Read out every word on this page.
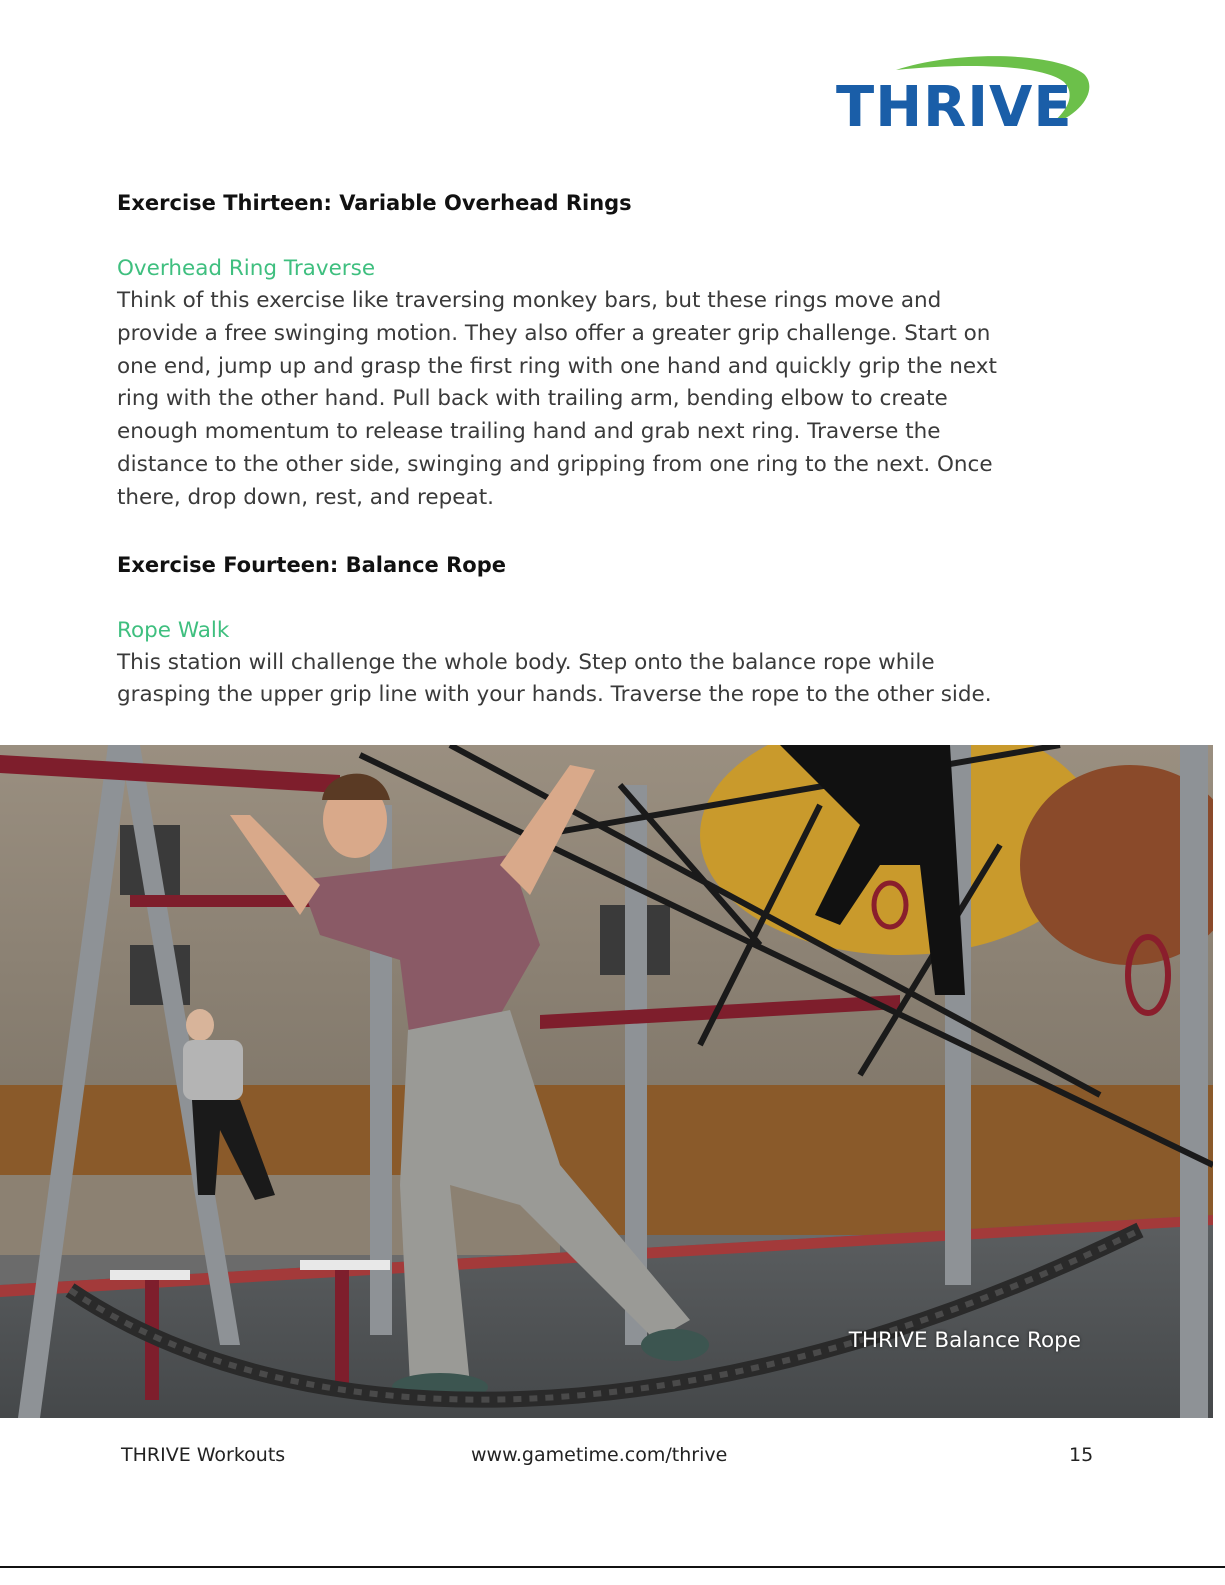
THRIVE

Exercise Thirteen: Variable Overhead Rings

Overhead Ring Traverse

Think of this exercise like traversing monkey bars, but these rings move and
provide a free swinging motion. They also offer a greater grip challenge. Start on
one end, jump up and grasp the first ring with one hand and quickly grip the next
ring with the other hand. Pull back with trailing arm, bending elbow to create
enough momentum to release trailing hand and grab next ring. Traverse the
distance to the other side, swinging and gripping from one ring to the next. Once
there, drop down, rest, and repeat.

Exercise Fourteen: Balance Rope

Rope Walk

This station will challenge the whole body. Step onto the balance rope while
grasping the upper grip line with your hands. Traverse the rope to the other side.

THRIVE Balance Rope
THRIVE Workouts	www.gametime.com/thrive	15
